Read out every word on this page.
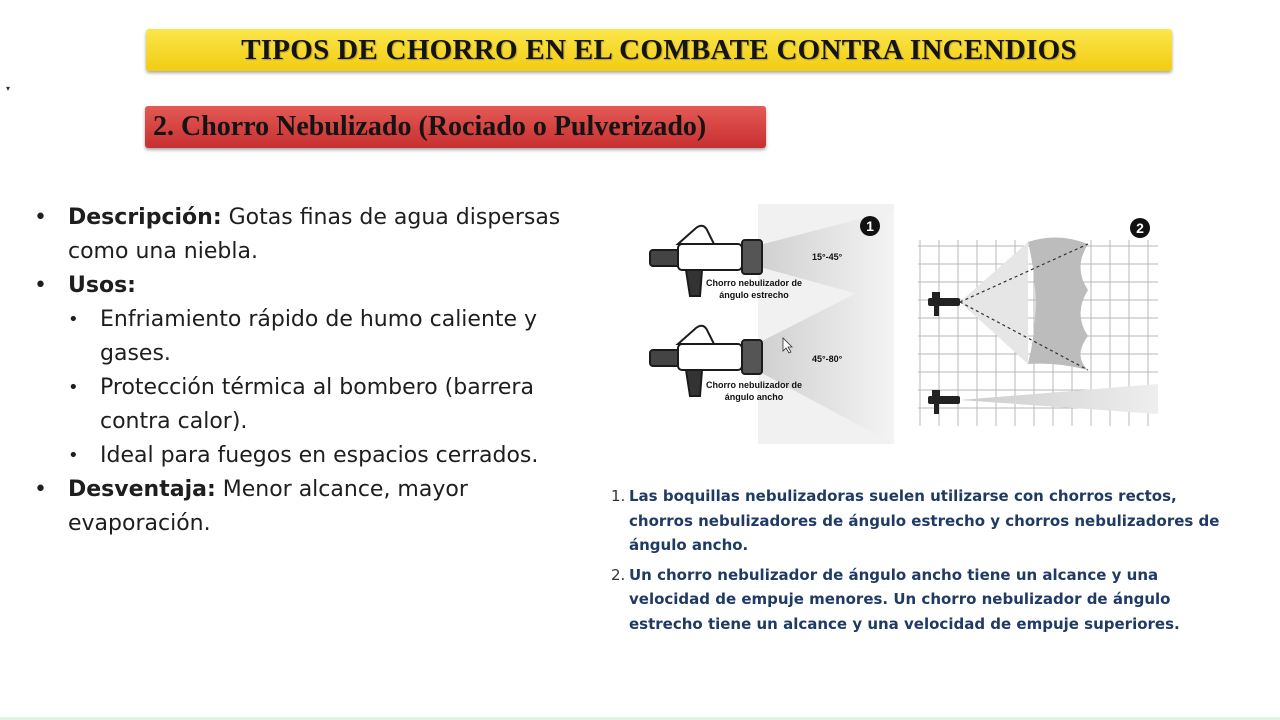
▾
TIPOS DE CHORRO EN EL COMBATE CONTRA INCENDIOS
2. Chorro Nebulizado (Rociado o Pulverizado)
• Descripción: Gotas finas de agua dispersas como una niebla.
• Usos:
• Enfriamiento rápido de humo caliente y gases.
• Protección térmica al bombero (barrera contra calor).
• Ideal para fuegos en espacios cerrados.
• Desventaja: Menor alcance, mayor evaporación.
1
15°-45°
Chorro nebulizador de
ángulo estrecho
45°-80°
Chorro nebulizador de
ángulo ancho
2
1. Las boquillas nebulizadoras suelen utilizarse con chorros rectos, chorros nebulizadores de ángulo estrecho y chorros nebulizadores de ángulo ancho.
2. Un chorro nebulizador de ángulo ancho tiene un alcance y una velocidad de empuje menores. Un chorro nebulizador de ángulo estrecho tiene un alcance y una velocidad de empuje superiores.
